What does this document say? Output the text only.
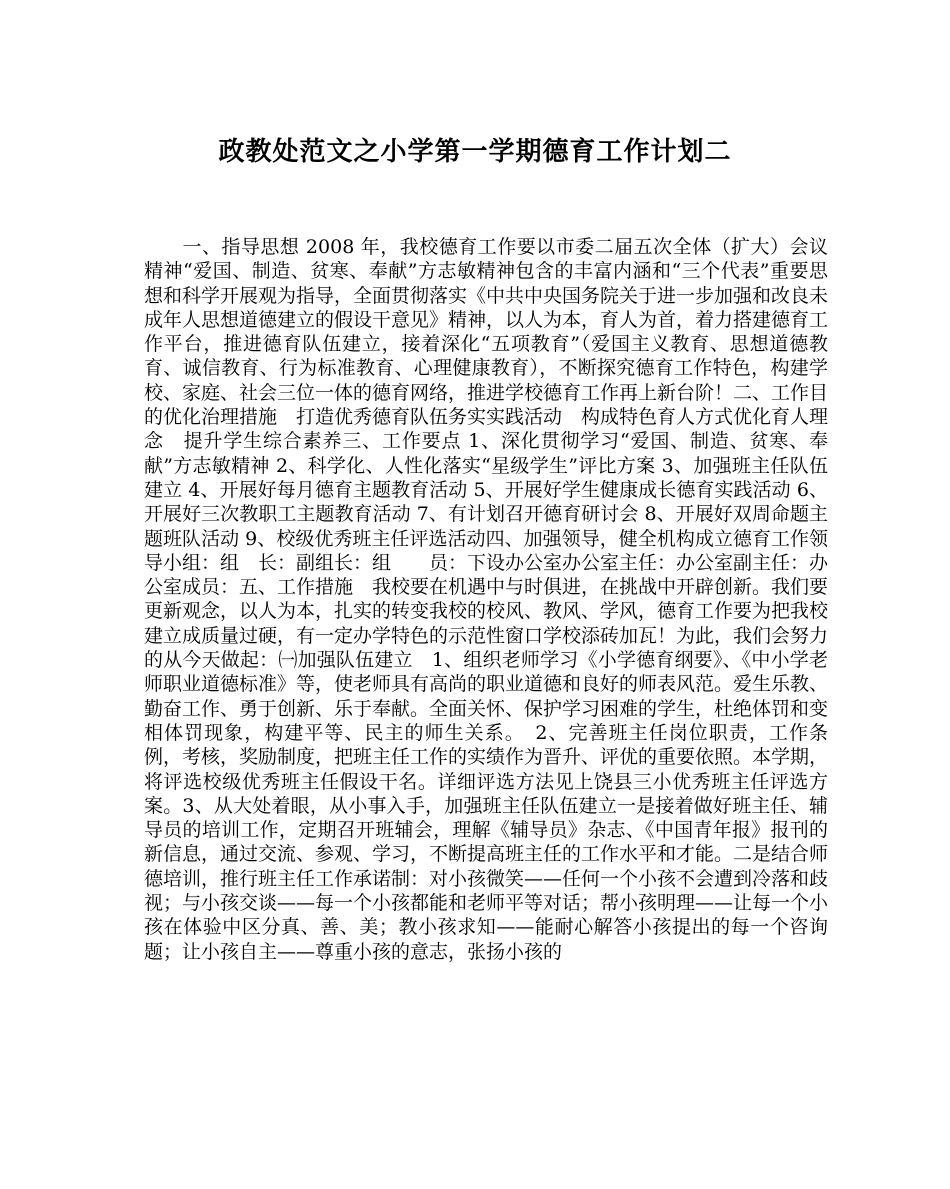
政教处范文之小学第一学期德育工作计划二

一、指导思想 2008 年，我校德育工作要以市委二届五次全体（扩大）会议精神“爱国、制造、贫寒、奉献”方志敏精神包含的丰富内涵和“三个代表”重要思想和科学开展观为指导，全面贯彻落实《中共中央国务院关于进一步加强和改良未成年人思想道德建立的假设干意见》精神，以人为本，育人为首，着力搭建德育工作平台，推进德育队伍建立，接着深化“五项教育”（爱国主义教育、思想道德教育、诚信教育、行为标准教育、心理健康教育），不断探究德育工作特色，构建学校、家庭、社会三位一体的德育网络，推进学校德育工作再上新台阶！二、工作目的优化治理措施　打造优秀德育队伍务实实践活动　构成特色育人方式优化育人理念　提升学生综合素养三、工作要点 1、深化贯彻学习“爱国、制造、贫寒、奉献”方志敏精神 2、科学化、人性化落实“星级学生”评比方案 3、加强班主任队伍建立 4、开展好每月德育主题教育活动 5、开展好学生健康成长德育实践活动 6、开展好三次教职工主题教育活动 7、有计划召开德育研讨会 8、开展好双周命题主题班队活动 9、校级优秀班主任评选活动四、加强领导，健全机构成立德育工作领导小组：组　长：副组长：组　　员：下设办公室办公室主任：办公室副主任：办公室成员：五、工作措施　我校要在机遇中与时俱进，在挑战中开辟创新。我们要更新观念，以人为本，扎实的转变我校的校风、教风、学风，德育工作要为把我校建立成质量过硬，有一定办学特色的示范性窗口学校添砖加瓦！为此，我们会努力的从今天做起：㈠加强队伍建立　1、组织老师学习《小学德育纲要》、《中小学老师职业道德标准》等，使老师具有高尚的职业道德和良好的师表风范。爱生乐教、勤奋工作、勇于创新、乐于奉献。全面关怀、保护学习困难的学生，杜绝体罚和变相体罚现象，构建平等、民主的师生关系。　2、完善班主任岗位职责，工作条例，考核，奖励制度，把班主任工作的实绩作为晋升、评优的重要依照。本学期，将评选校级优秀班主任假设干名。详细评选方法见上饶县三小优秀班主任评选方案。3、从大处着眼，从小事入手，加强班主任队伍建立一是接着做好班主任、辅导员的培训工作，定期召开班辅会，理解《辅导员》杂志、《中国青年报》报刊的新信息，通过交流、参观、学习，不断提高班主任的工作水平和才能。二是结合师德培训，推行班主任工作承诺制：对小孩微笑——任何一个小孩不会遭到冷落和歧视；与小孩交谈——每一个小孩都能和老师平等对话；帮小孩明理——让每一个小孩在体验中区分真、善、美；教小孩求知——能耐心解答小孩提出的每一个咨询题；让小孩自主——尊重小孩的意志，张扬小孩的
